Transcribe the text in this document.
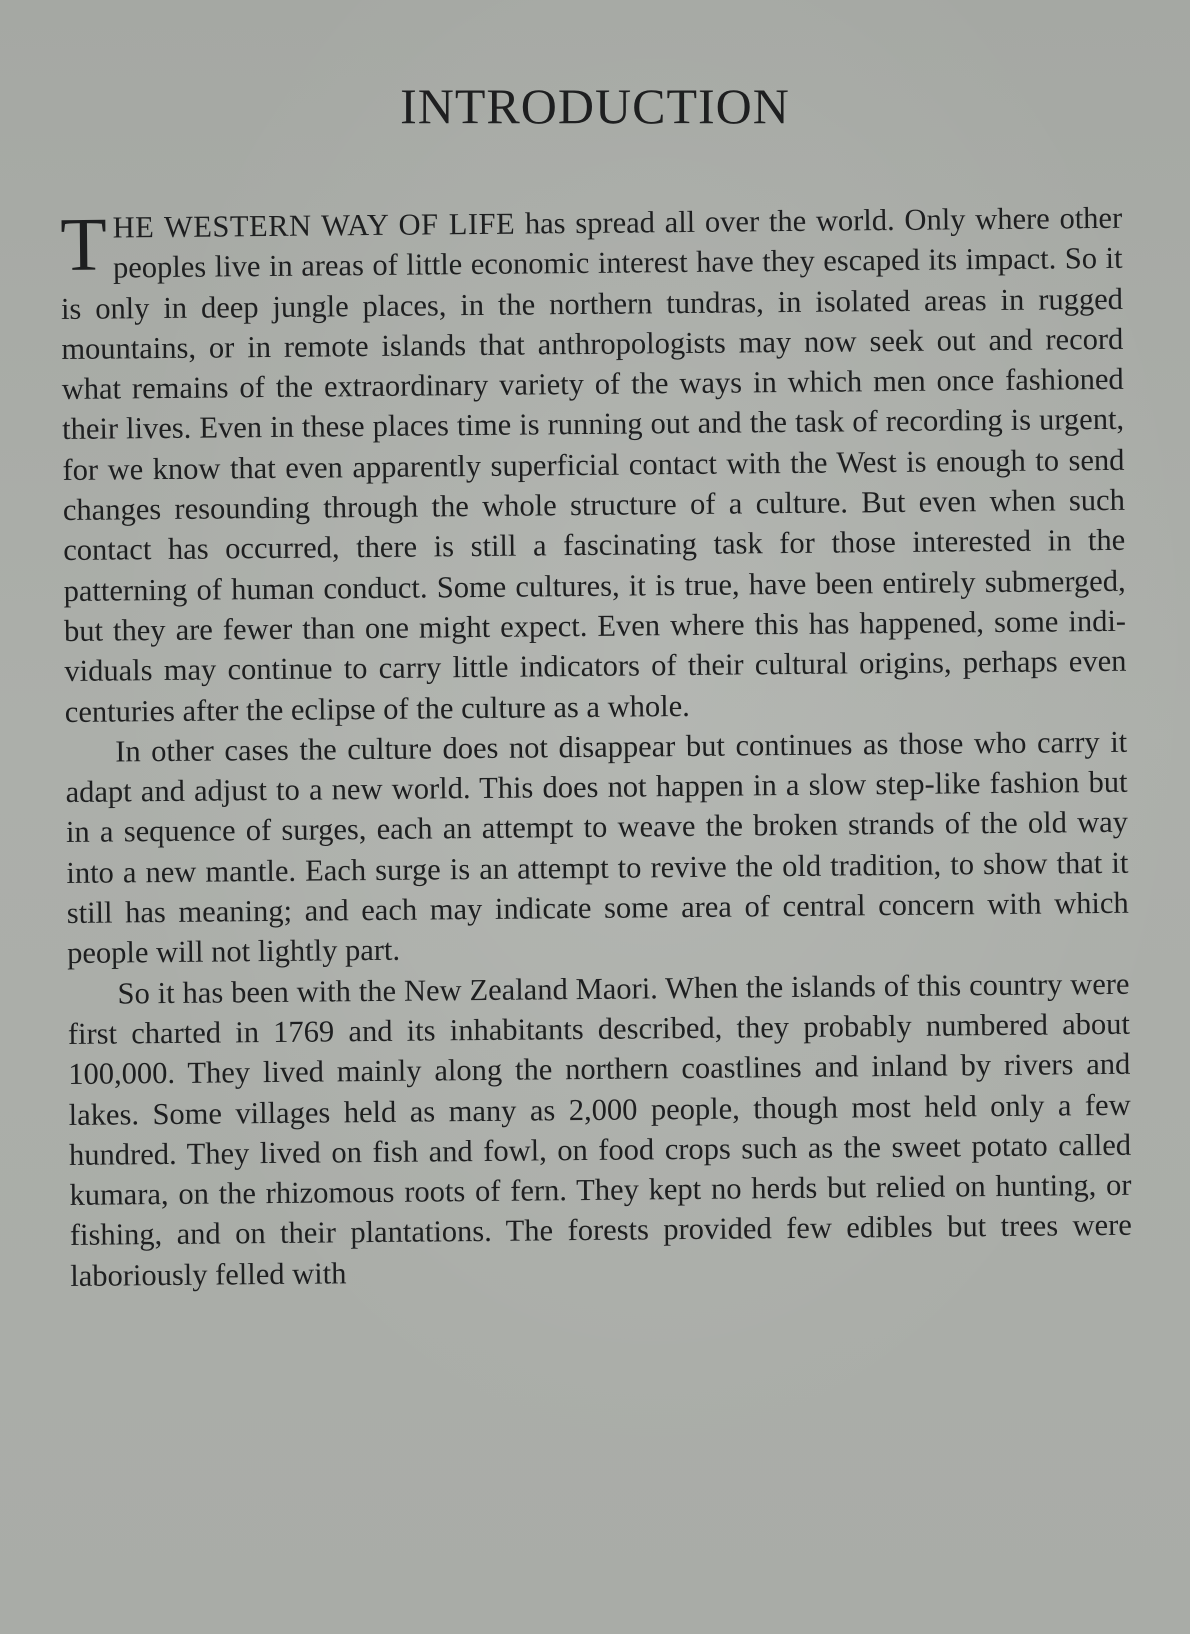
INTRODUCTION

THE WESTERN WAY OF LIFE has spread all over the world. Only where other peoples live in areas of little economic interest have they escaped its impact. So it is only in deep jungle places, in the northern tundras, in isolated areas in rugged mountains, or in remote islands that anthropologists may now seek out and record what remains of the extraordinary variety of the ways in which men once fashioned their lives. Even in these places time is running out and the task of recording is urgent, for we know that even apparently superficial contact with the West is enough to send changes resounding through the whole structure of a culture. But even when such contact has occurred, there is still a fascinating task for those interested in the patterning of human conduct. Some cultures, it is true, have been entirely submerged, but they are fewer than one might expect. Even where this has happened, some individuals may continue to carry little indicators of their cultural origins, perhaps even centuries after the eclipse of the culture as a whole.

In other cases the culture does not disappear but continues as those who carry it adapt and adjust to a new world. This does not happen in a slow step-like fashion but in a sequence of surges, each an attempt to weave the broken strands of the old way into a new mantle. Each surge is an attempt to revive the old tradition, to show that it still has meaning; and each may indicate some area of central concern with which people will not lightly part.

So it has been with the New Zealand Maori. When the islands of this country were first charted in 1769 and its inhabitants described, they probably numbered about 100,000. They lived mainly along the northern coastlines and inland by rivers and lakes. Some villages held as many as 2,000 people, though most held only a few hundred. They lived on fish and fowl, on food crops such as the sweet potato called kumara, on the rhizomous roots of fern. They kept no herds but relied on hunting, or fishing, and on their plantations. The forests provided few edibles but trees were laboriously felled with
